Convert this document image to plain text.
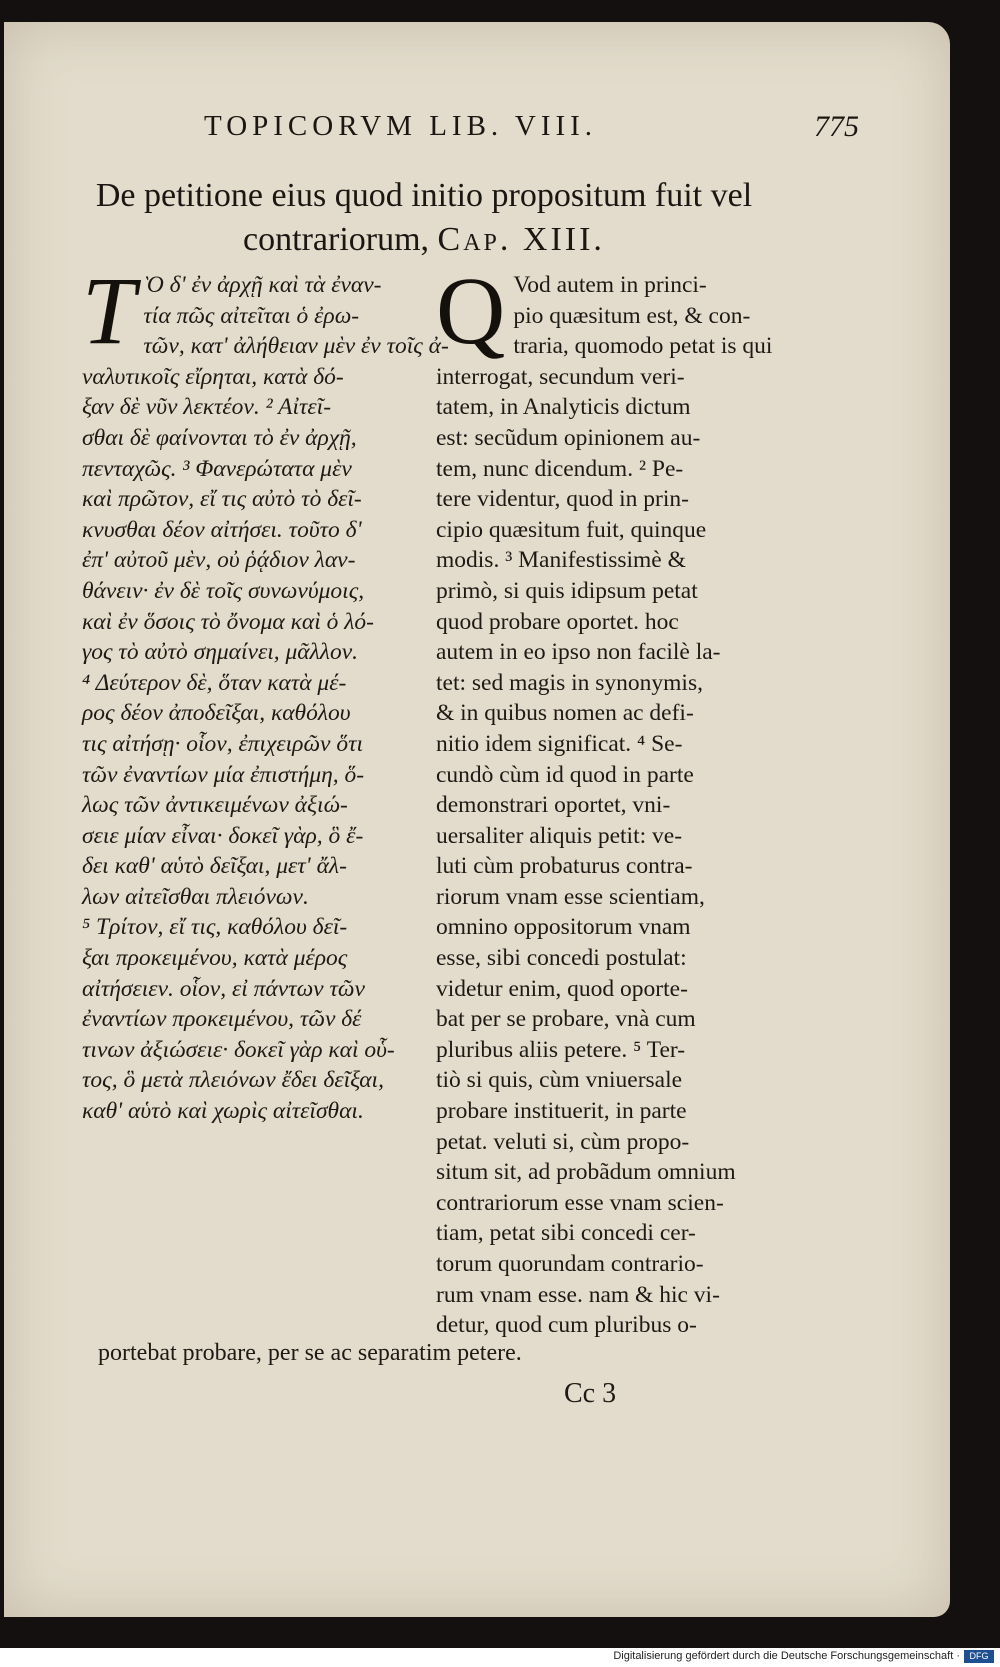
TOPICORVM LIB. VIII.	775
De petitione eius quod initio propositum fuit vel contrariorum, Cap. XIII.
T Ὸ δ' ἐν ἀρχῇ καὶ τὰ ἐναν-
τία πῶς αἰτεῖται ὁ ἐρω-
τῶν, κατ' ἀλήθειαν μὲν ἐν τοῖς ἀ-
ναλυτικοῖς εἴρηται, κατὰ δό-
ξαν δὲ νῦν λεκτέον. ² Αἰτεῖ-
σθαι δὲ φαίνονται τὸ ἐν ἀρχῇ,
πενταχῶς. ³ Φανερώτατα μὲν
καὶ πρῶτον, εἴ τις αὐτὸ τὸ δεῖ-
κνυσθαι δέον αἰτήσει. τοῦτο δ'
ἐπ' αὐτοῦ μὲν, οὐ ῥᾴδιον λαν-
θάνειν· ἐν δὲ τοῖς συνωνύμοις,
καὶ ἐν ὅσοις τὸ ὄνομα καὶ ὁ λό-
γος τὸ αὐτὸ σημαίνει, μᾶλλον.
⁴ Δεύτερον δὲ, ὅταν κατὰ μέ-
ρος δέον ἀποδεῖξαι, καθόλου
τις αἰτήσῃ· οἷον, ἐπιχειρῶν ὅτι
τῶν ἐναντίων μία ἐπιστήμη, ὅ-
λως τῶν ἀντικειμένων ἀξιώ-
σειε μίαν εἶναι· δοκεῖ γὰρ, ὃ ἔ-
δει καθ' αὑτὸ δεῖξαι, μετ' ἄλ-
λων αἰτεῖσθαι πλειόνων.
⁵ Τρίτον, εἴ τις, καθόλου δεῖ-
ξαι προκειμένου, κατὰ μέρος
αἰτήσειεν. οἷον, εἰ πάντων τῶν
ἐναντίων προκειμένου, τῶν δέ
τινων ἀξιώσειε· δοκεῖ γὰρ καὶ οὗ-
τος, ὃ μετὰ πλειόνων ἔδει δεῖξαι,
καθ' αὑτὸ καὶ χωρὶς αἰτεῖσθαι.
Q Vod autem in princi-
pio quæsitum est, & con-
traria, quomodo petat is qui
interrogat, secundum veri-
tatem, in Analyticis dictum
est: secũdum opinionem au-
tem, nunc dicendum. ² Pe-
tere videntur, quod in prin-
cipio quæsitum fuit, quinque
modis. ³ Manifestissimè &
primò, si quis idipsum petat
quod probare oportet. hoc
autem in eo ipso non facilè la-
tet: sed magis in synonymis,
& in quibus nomen ac defi-
nitio idem significat. ⁴ Se-
cundò cùm id quod in parte
demonstrari oportet, vni-
uersaliter aliquis petit: ve-
luti cùm probaturus contra-
riorum vnam esse scientiam,
omnino oppositorum vnam
esse, sibi concedi postulat:
videtur enim, quod oporte-
bat per se probare, vnà cum
pluribus aliis petere. ⁵ Ter-
tiò si quis, cùm vniuersale
probare instituerit, in parte
petat. veluti si, cùm propo-
situm sit, ad probãdum omnium
contrariorum esse vnam scien-
tiam, petat sibi concedi cer-
torum quorundam contrario-
rum vnam esse. nam & hic vi-
detur, quod cum pluribus o-
portebat probare, per se ac separatim petere.
Cc 3
Digitalisierung gefördert durch die Deutsche Forschungsgemeinschaft ·	DFG
